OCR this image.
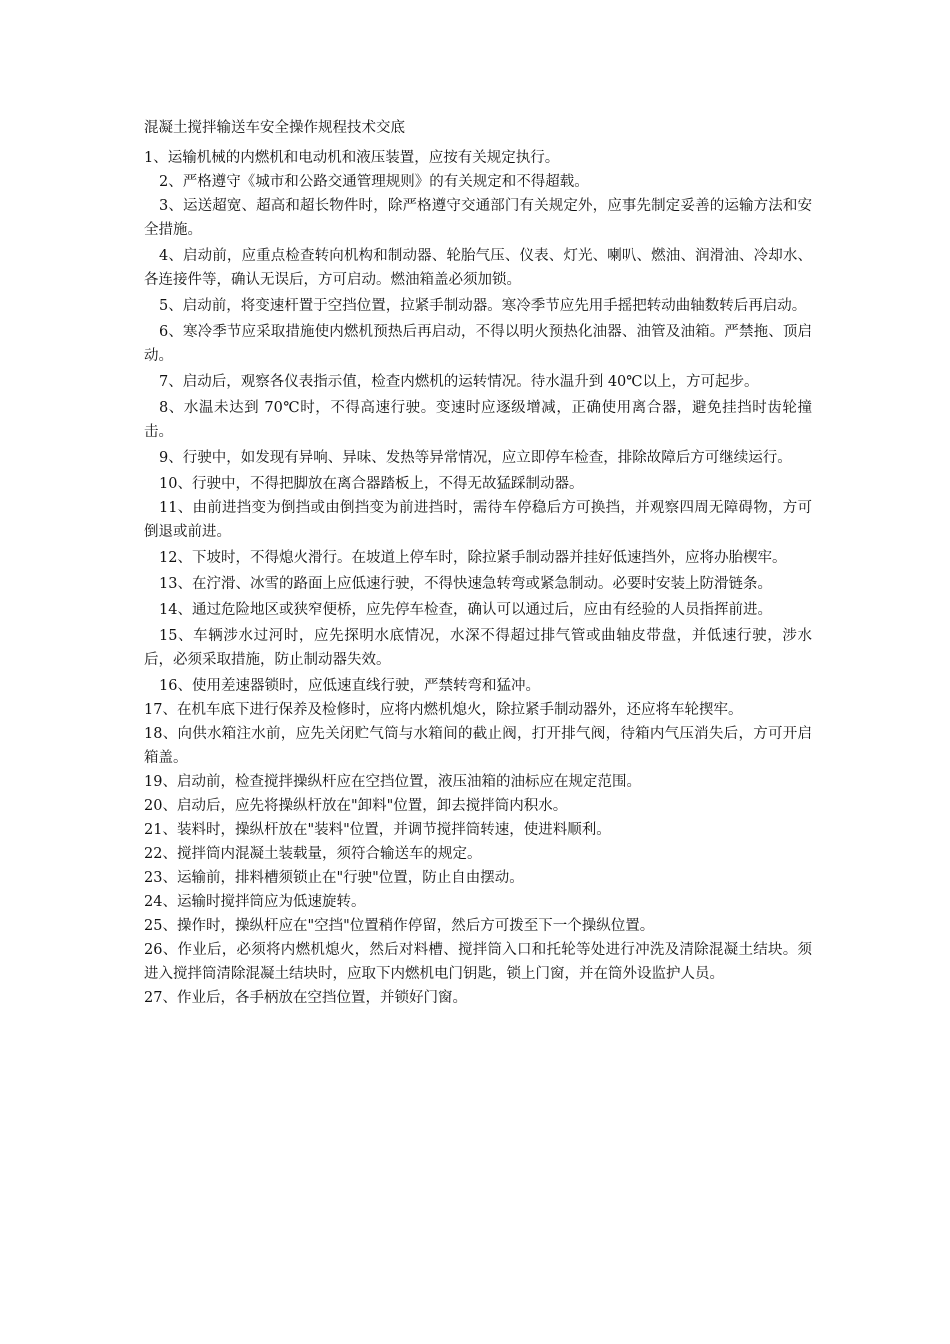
混凝土搅拌输送车安全操作规程技术交底

1、运输机械的内燃机和电动机和液压装置，应按有关规定执行。

2、严格遵守《城市和公路交通管理规则》的有关规定和不得超载。

3、运送超宽、超高和超长物件时，除严格遵守交通部门有关规定外，应事先制定妥善的运输方法和安全措施。

4、启动前，应重点检查转向机构和制动器、轮胎气压、仪表、灯光、喇叭、燃油、润滑油、冷却水、各连接件等，确认无误后，方可启动。燃油箱盖必须加锁。

5、启动前，将变速杆置于空挡位置，拉紧手制动器。寒冷季节应先用手摇把转动曲轴数转后再启动。

6、寒冷季节应采取措施使内燃机预热后再启动，不得以明火预热化油器、油管及油箱。严禁拖、顶启动。

7、启动后，观察各仪表指示值，检查内燃机的运转情况。待水温升到 40℃以上，方可起步。

8、水温未达到 70℃时，不得高速行驶。变速时应逐级增减，正确使用离合器，避免挂挡时齿轮撞击。

9、行驶中，如发现有异响、异味、发热等异常情况，应立即停车检查，排除故障后方可继续运行。

10、行驶中，不得把脚放在离合器踏板上，不得无故猛踩制动器。

11、由前进挡变为倒挡或由倒挡变为前进挡时，需待车停稳后方可换挡，并观察四周无障碍物，方可倒退或前进。

12、下坡时，不得熄火滑行。在坡道上停车时，除拉紧手制动器并挂好低速挡外，应将办胎楔牢。

13、在泞滑、冰雪的路面上应低速行驶，不得快速急转弯或紧急制动。必要时安装上防滑链条。

14、通过危险地区或狭窄便桥，应先停车检查，确认可以通过后，应由有经验的人员指挥前进。

15、车辆涉水过河时，应先探明水底情况，水深不得超过排气管或曲轴皮带盘，并低速行驶，涉水后，必须采取措施，防止制动器失效。

16、使用差速器锁时，应低速直线行驶，严禁转弯和猛冲。

17、在机车底下进行保养及检修时，应将内燃机熄火，除拉紧手制动器外，还应将车轮揳牢。

18、向供水箱注水前，应先关闭贮气筒与水箱间的截止阀，打开排气阀，待箱内气压消失后，方可开启箱盖。

19、启动前，检查搅拌操纵杆应在空挡位置，液压油箱的油标应在规定范围。

20、启动后，应先将操纵杆放在"卸料"位置，卸去搅拌筒内积水。

21、装料时，操纵杆放在"装料"位置，并调节搅拌筒转速，使进料顺利。

22、搅拌筒内混凝土装载量，须符合输送车的规定。

23、运输前，排料槽须锁止在"行驶"位置，防止自由摆动。

24、运输时搅拌筒应为低速旋转。

25、操作时，操纵杆应在"空挡"位置稍作停留，然后方可拨至下一个操纵位置。

26、作业后，必须将内燃机熄火，然后对料槽、搅拌筒入口和托轮等处进行冲洗及清除混凝土结块。须进入搅拌筒清除混凝土结块时，应取下内燃机电门钥匙，锁上门窗，并在筒外设监护人员。

27、作业后，各手柄放在空挡位置，并锁好门窗。
